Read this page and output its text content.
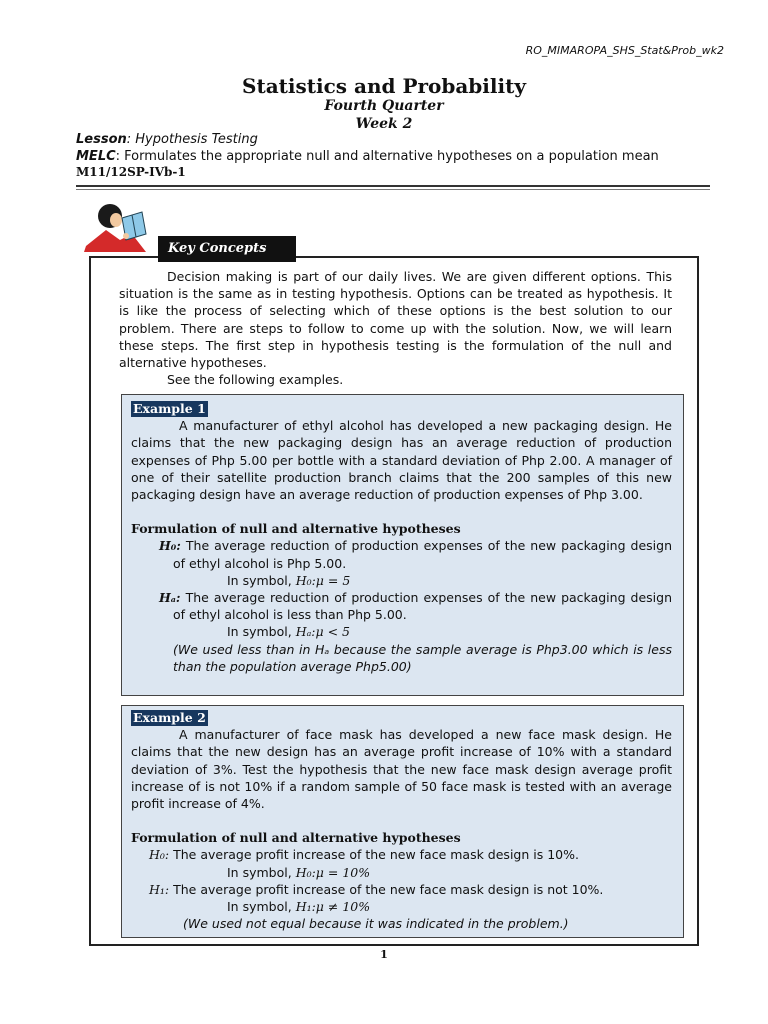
RO_MIMAROPA_SHS_Stat&Prob_wk2
Statistics and Probability
Fourth Quarter
Week 2
Lesson: Hypothesis Testing
MELC: Formulates the appropriate null and alternative hypotheses on a population mean
M11/12SP-IVb-1
Key Concepts

Decision making is part of our daily lives. We are given different options. This situation is the same as in testing hypothesis. Options can be treated as hypothesis. It is like the process of selecting which of these options is the best solution to our problem. There are steps to follow to come up with the solution. Now, we will learn these steps. The first step in hypothesis testing is the formulation of the null and alternative hypotheses.

See the following examples.

Example 1

A manufacturer of ethyl alcohol has developed a new packaging design. He claims that the new packaging design has an average reduction of production expenses of Php 5.00 per bottle with a standard deviation of Php 2.00. A manager of one of their satellite production branch claims that the 200 samples of this new packaging design have an average reduction of production expenses of Php 3.00.

Formulation of null and alternative hypotheses

H₀: The average reduction of production expenses of the new packaging design of ethyl alcohol is Php 5.00.

In symbol, H₀:μ = 5

Hₐ: The average reduction of production expenses of the new packaging design of ethyl alcohol is less than Php 5.00.

In symbol, Hₐ:μ < 5

(We used less than in Hₐ because the sample average is Php3.00 which is less than the population average Php5.00)

Example 2

A manufacturer of face mask has developed a new face mask design. He claims that the new design has an average profit increase of 10% with a standard deviation of 3%. Test the hypothesis that the new face mask design average profit increase of is not 10% if a random sample of 50 face mask is tested with an average profit increase of 4%.

Formulation of null and alternative hypotheses

H₀: The average profit increase of the new face mask design is 10%.

In symbol, H₀:μ = 10%

H₁: The average profit increase of the new face mask design is not 10%.

In symbol, H₁:μ ≠ 10%

(We used not equal because it was indicated in the problem.)

1
